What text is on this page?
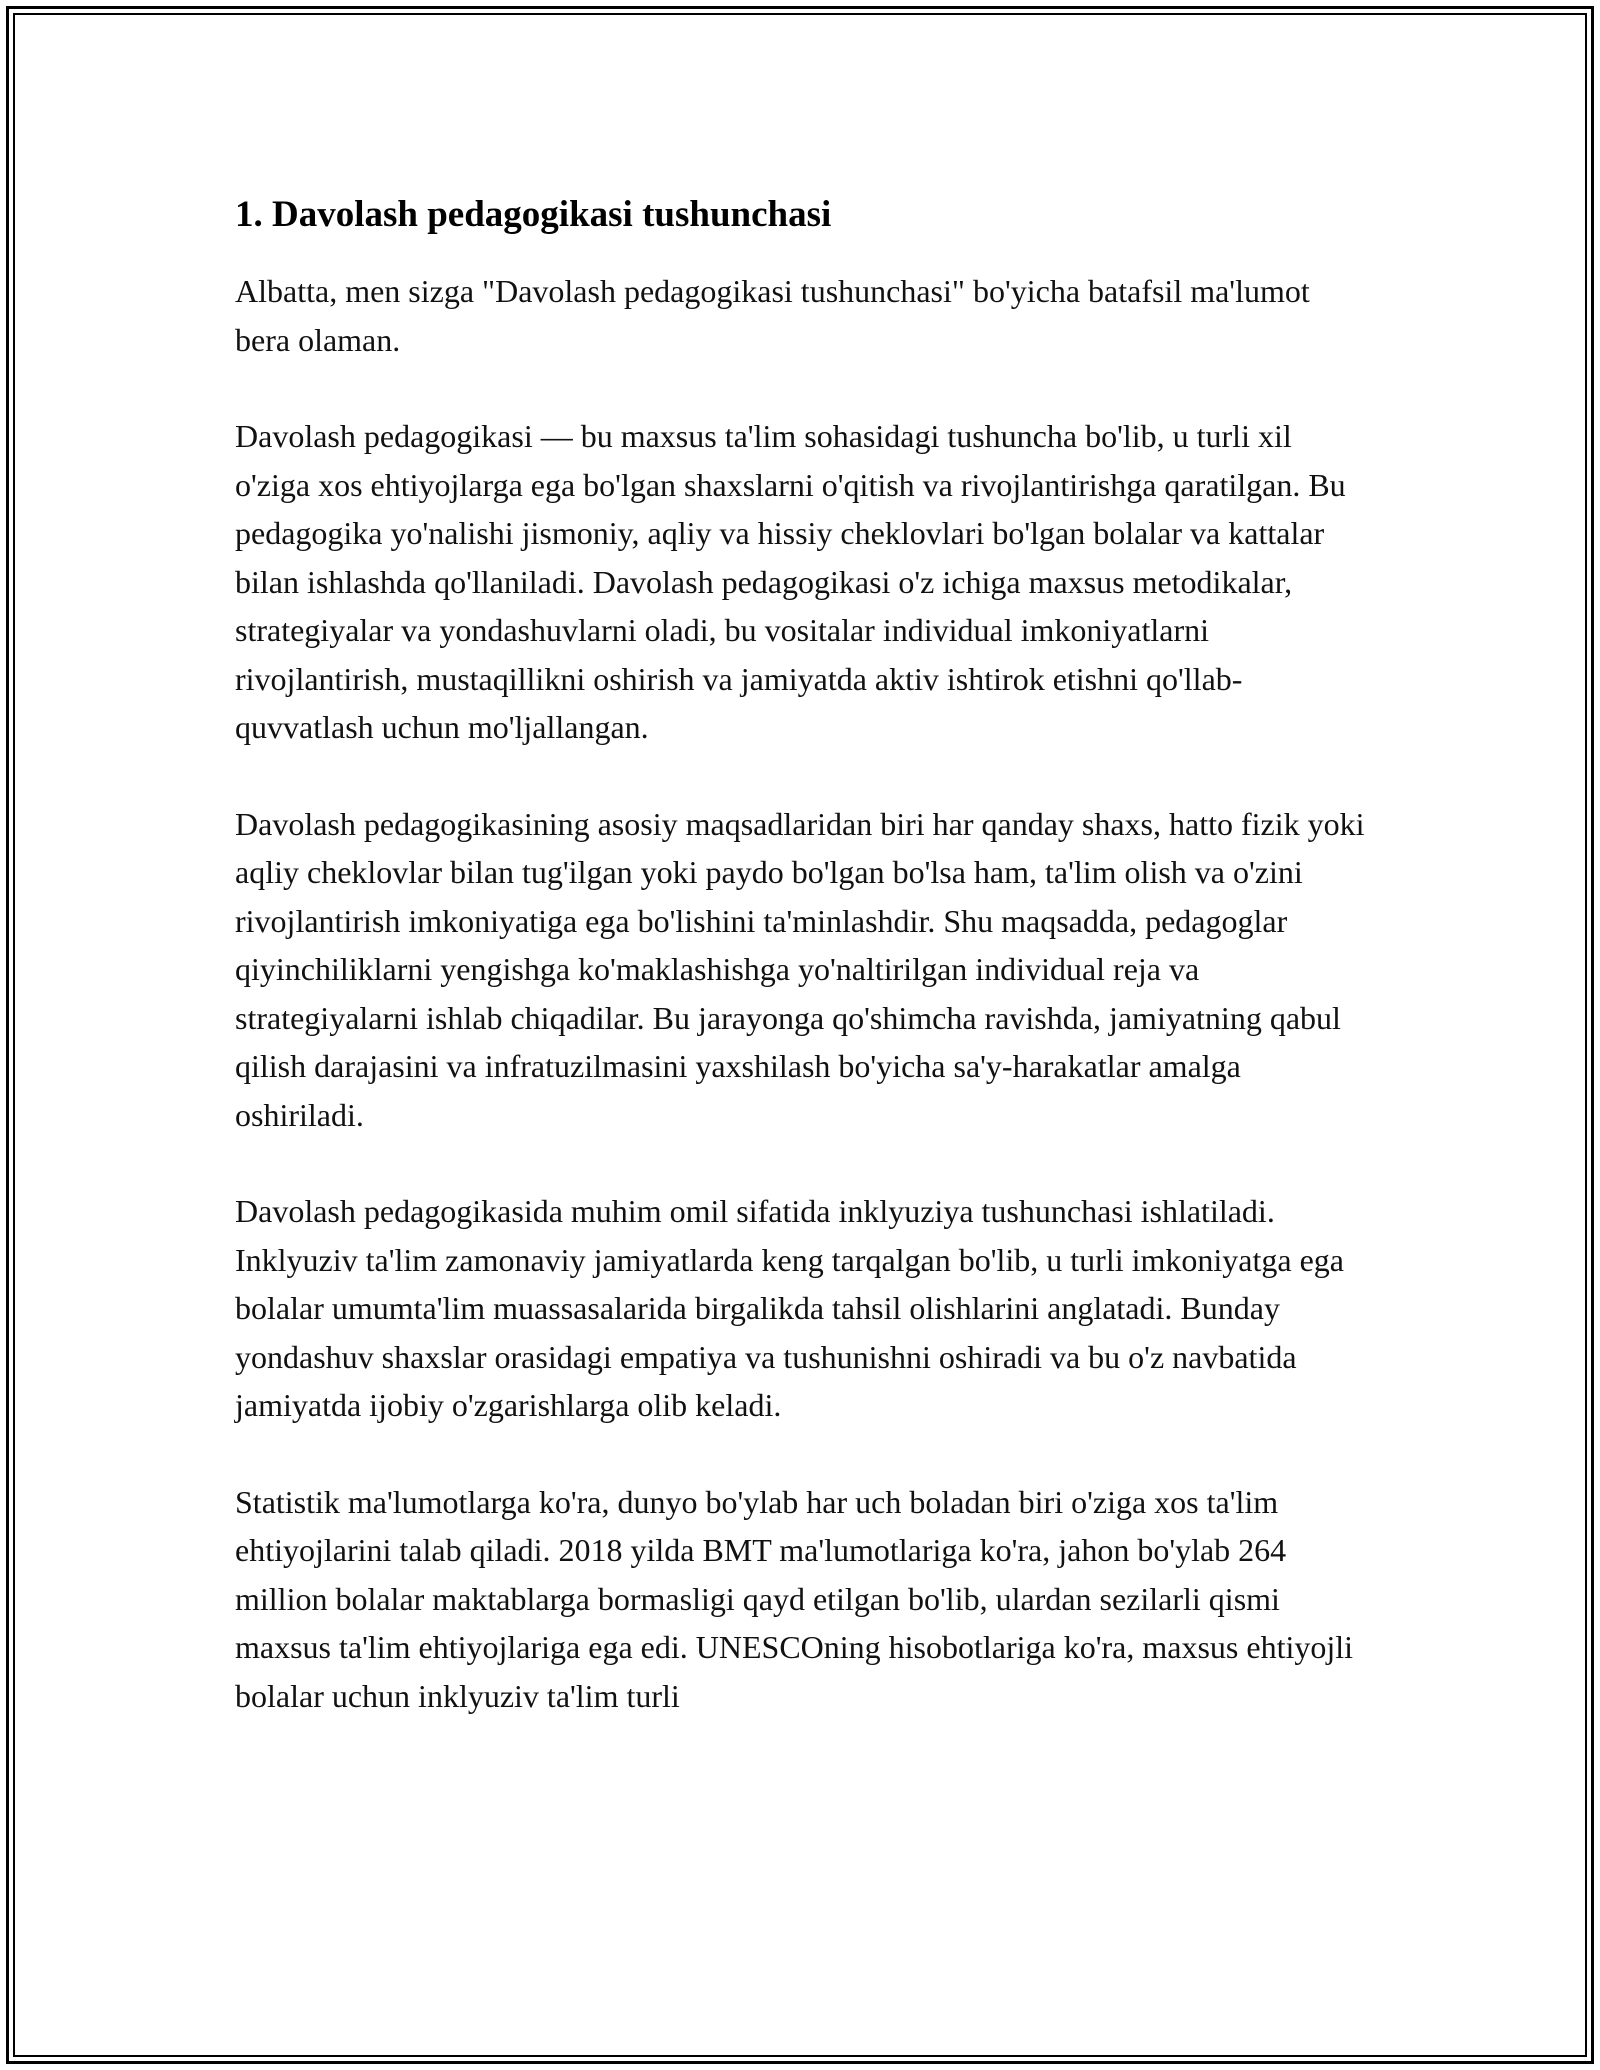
1. Davolash pedagogikasi tushunchasi

Albatta, men sizga "Davolash pedagogikasi tushunchasi" bo'yicha batafsil ma'lumot bera olaman.

Davolash pedagogikasi — bu maxsus ta'lim sohasidagi tushuncha bo'lib, u turli xil o'ziga xos ehtiyojlarga ega bo'lgan shaxslarni o'qitish va rivojlantirishga qaratilgan. Bu pedagogika yo'nalishi jismoniy, aqliy va hissiy cheklovlari bo'lgan bolalar va kattalar bilan ishlashda qo'llaniladi. Davolash pedagogikasi o'z ichiga maxsus metodikalar, strategiyalar va yondashuvlarni oladi, bu vositalar individual imkoniyatlarni rivojlantirish, mustaqillikni oshirish va jamiyatda aktiv ishtirok etishni qo'llab-quvvatlash uchun mo'ljallangan.

Davolash pedagogikasining asosiy maqsadlaridan biri har qanday shaxs, hatto fizik yoki aqliy cheklovlar bilan tug'ilgan yoki paydo bo'lgan bo'lsa ham, ta'lim olish va o'zini rivojlantirish imkoniyatiga ega bo'lishini ta'minlashdir. Shu maqsadda, pedagoglar qiyinchiliklarni yengishga ko'maklashishga yo'naltirilgan individual reja va strategiyalarni ishlab chiqadilar. Bu jarayonga qo'shimcha ravishda, jamiyatning qabul qilish darajasini va infratuzilmasini yaxshilash bo'yicha sa'y-harakatlar amalga oshiriladi.

Davolash pedagogikasida muhim omil sifatida inklyuziya tushunchasi ishlatiladi. Inklyuziv ta'lim zamonaviy jamiyatlarda keng tarqalgan bo'lib, u turli imkoniyatga ega bolalar umumta'lim muassasalarida birgalikda tahsil olishlarini anglatadi. Bunday yondashuv shaxslar orasidagi empatiya va tushunishni oshiradi va bu o'z navbatida jamiyatda ijobiy o'zgarishlarga olib keladi.

Statistik ma'lumotlarga ko'ra, dunyo bo'ylab har uch boladan biri o'ziga xos ta'lim ehtiyojlarini talab qiladi. 2018 yilda BMT ma'lumotlariga ko'ra, jahon bo'ylab 264 million bolalar maktablarga bormasligi qayd etilgan bo'lib, ulardan sezilarli qismi maxsus ta'lim ehtiyojlariga ega edi. UNESCOning hisobotlariga ko'ra, maxsus ehtiyojli bolalar uchun inklyuziv ta'lim turli
